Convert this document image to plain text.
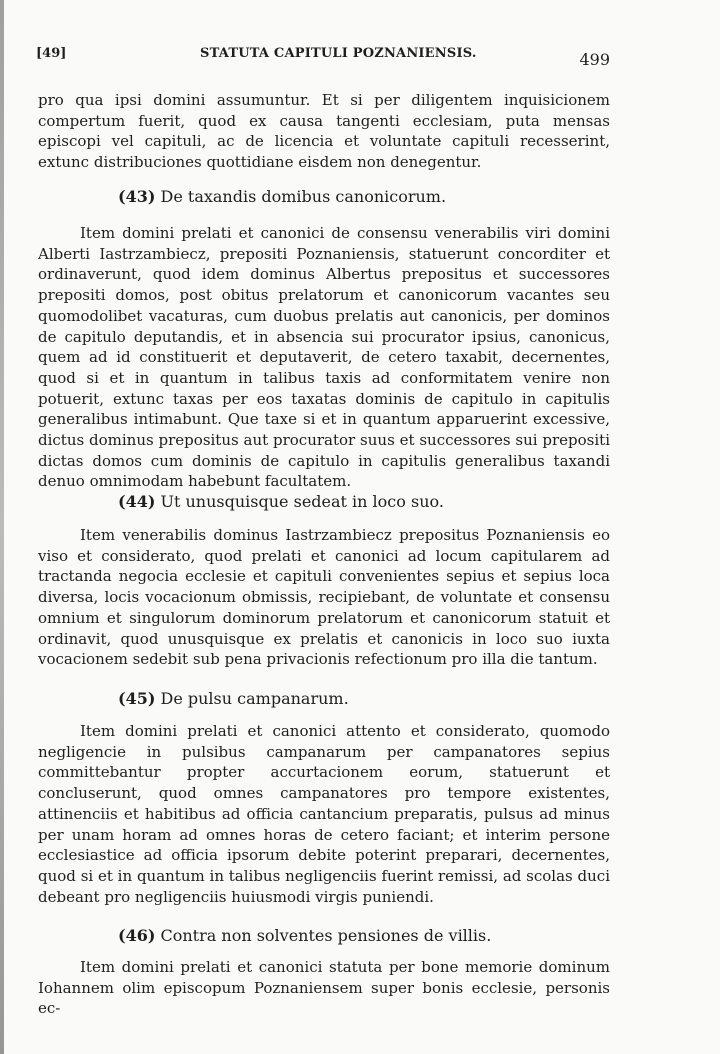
[49]	STATUTA CAPITULI POZNANIENSIS.	499

pro qua ipsi domini assumuntur. Et si per diligentem inquisicionem compertum fuerit, quod ex causa tangenti ecclesiam, puta mensas episcopi vel capituli, ac de licencia et voluntate capituli recesserint, extunc distribuciones quottidiane eisdem non denegentur.

(43) De taxandis domibus canonicorum.

Item domini prelati et canonici de consensu venerabilis viri domini Alberti Iastrzambiecz, prepositi Poznaniensis, statuerunt concorditer et ordinaverunt, quod idem dominus Albertus prepositus et successores prepositi domos, post obitus prelatorum et canonicorum vacantes seu quomodolibet vacaturas, cum duobus prelatis aut canonicis, per dominos de capitulo deputandis, et in absencia sui procurator ipsius, canonicus, quem ad id constituerit et deputaverit, de cetero taxabit, decernentes, quod si et in quantum in talibus taxis ad conformitatem venire non potuerit, extunc taxas per eos taxatas dominis de capitulo in capitulis generalibus intimabunt. Que taxe si et in quantum apparuerint excessive, dictus dominus prepositus aut procurator suus et successores sui prepositi dictas domos cum dominis de capitulo in capitulis generalibus taxandi denuo omnimodam habebunt facultatem.

(44) Ut unusquisque sedeat in loco suo.

Item venerabilis dominus Iastrzambiecz prepositus Poznaniensis eo viso et considerato, quod prelati et canonici ad locum capitularem ad tractanda negocia ecclesie et capituli convenientes sepius et sepius loca diversa, locis vocacionum obmissis, recipiebant, de voluntate et consensu omnium et singulorum dominorum prelatorum et canonicorum statuit et ordinavit, quod unusquisque ex prelatis et canonicis in loco suo iuxta vocacionem sedebit sub pena privacionis refectionum pro illa die tantum.

(45) De pulsu campanarum.

Item domini prelati et canonici attento et considerato, quomodo negligencie in pulsibus campanarum per campanatores sepius committebantur propter accurtacionem eorum, statuerunt et concluserunt, quod omnes campanatores pro tempore existentes, attinenciis et habitibus ad officia cantancium preparatis, pulsus ad minus per unam horam ad omnes horas de cetero faciant; et interim persone ecclesiastice ad officia ipsorum debite poterint preparari, decernentes, quod si et in quantum in talibus negligenciis fuerint remissi, ad scolas duci debeant pro negligenciis huiusmodi virgis puniendi.

(46) Contra non solventes pensiones de villis.

Item domini prelati et canonici statuta per bone memorie dominum Iohannem olim episcopum Poznaniensem super bonis ecclesie, personis ec-
